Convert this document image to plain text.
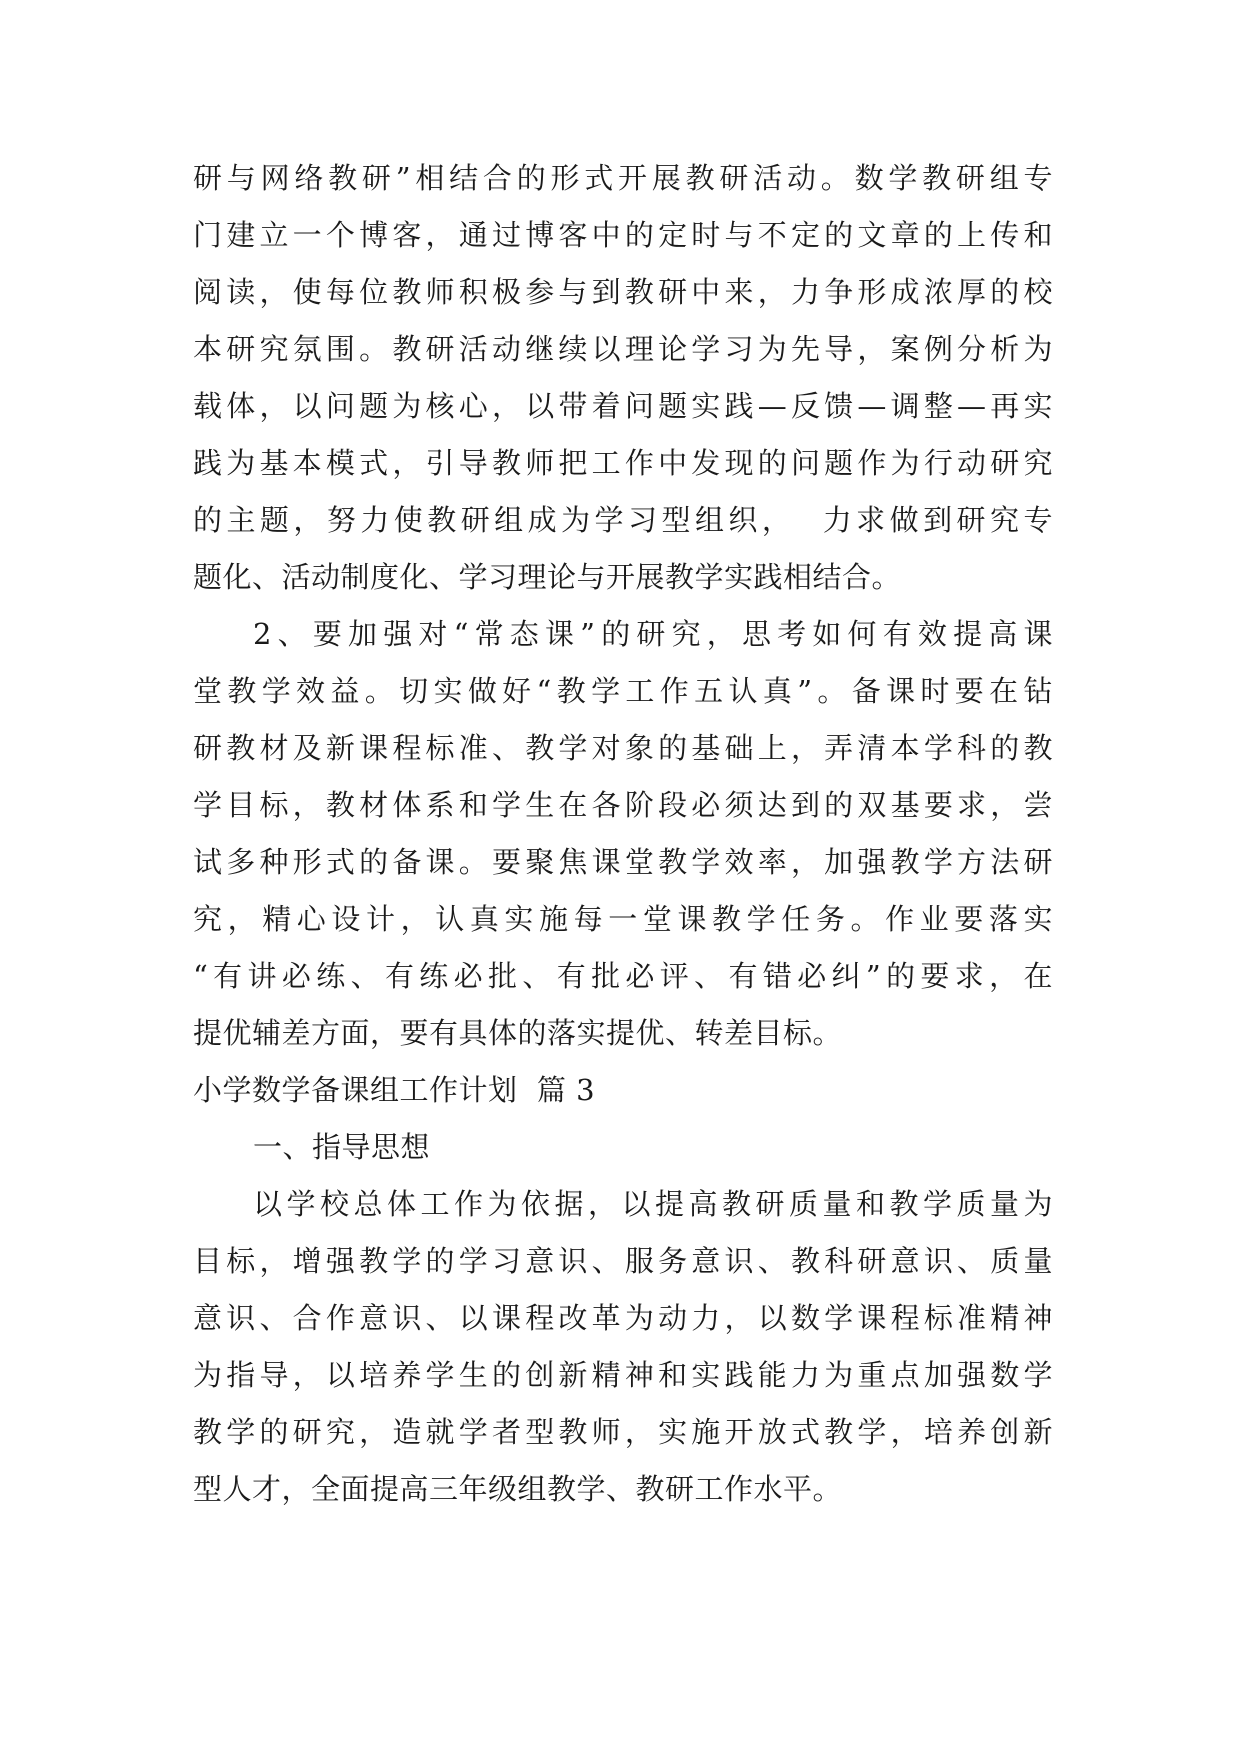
研与网络教研”相结合的形式开展教研活动。数学教研组专
门建立一个博客，通过博客中的定时与不定的文章的上传和
阅读，使每位教师积极参与到教研中来，力争形成浓厚的校
本研究氛围。教研活动继续以理论学习为先导，案例分析为
载体，以问题为核心，以带着问题实践—反馈—调整—再实
践为基本模式，引导教师把工作中发现的问题作为行动研究
的主题，努力使教研组成为学习型组织，  力求做到研究专
题化、活动制度化、学习理论与开展教学实践相结合。
2、要加强对“常态课”的研究，思考如何有效提高课
堂教学效益。切实做好“教学工作五认真”。备课时要在钻
研教材及新课程标准、教学对象的基础上，弄清本学科的教
学目标，教材体系和学生在各阶段必须达到的双基要求，尝
试多种形式的备课。要聚焦课堂教学效率，加强教学方法研
究，精心设计，认真实施每一堂课教学任务。作业要落实
“有讲必练、有练必批、有批必评、有错必纠”的要求，在
提优辅差方面，要有具体的落实提优、转差目标。
小学数学备课组工作计划  篇 3
一、指导思想
以学校总体工作为依据，以提高教研质量和教学质量为
目标，增强教学的学习意识、服务意识、教科研意识、质量
意识、合作意识、以课程改革为动力，以数学课程标准精神
为指导，以培养学生的创新精神和实践能力为重点加强数学
教学的研究，造就学者型教师，实施开放式教学，培养创新
型人才，全面提高三年级组教学、教研工作水平。
